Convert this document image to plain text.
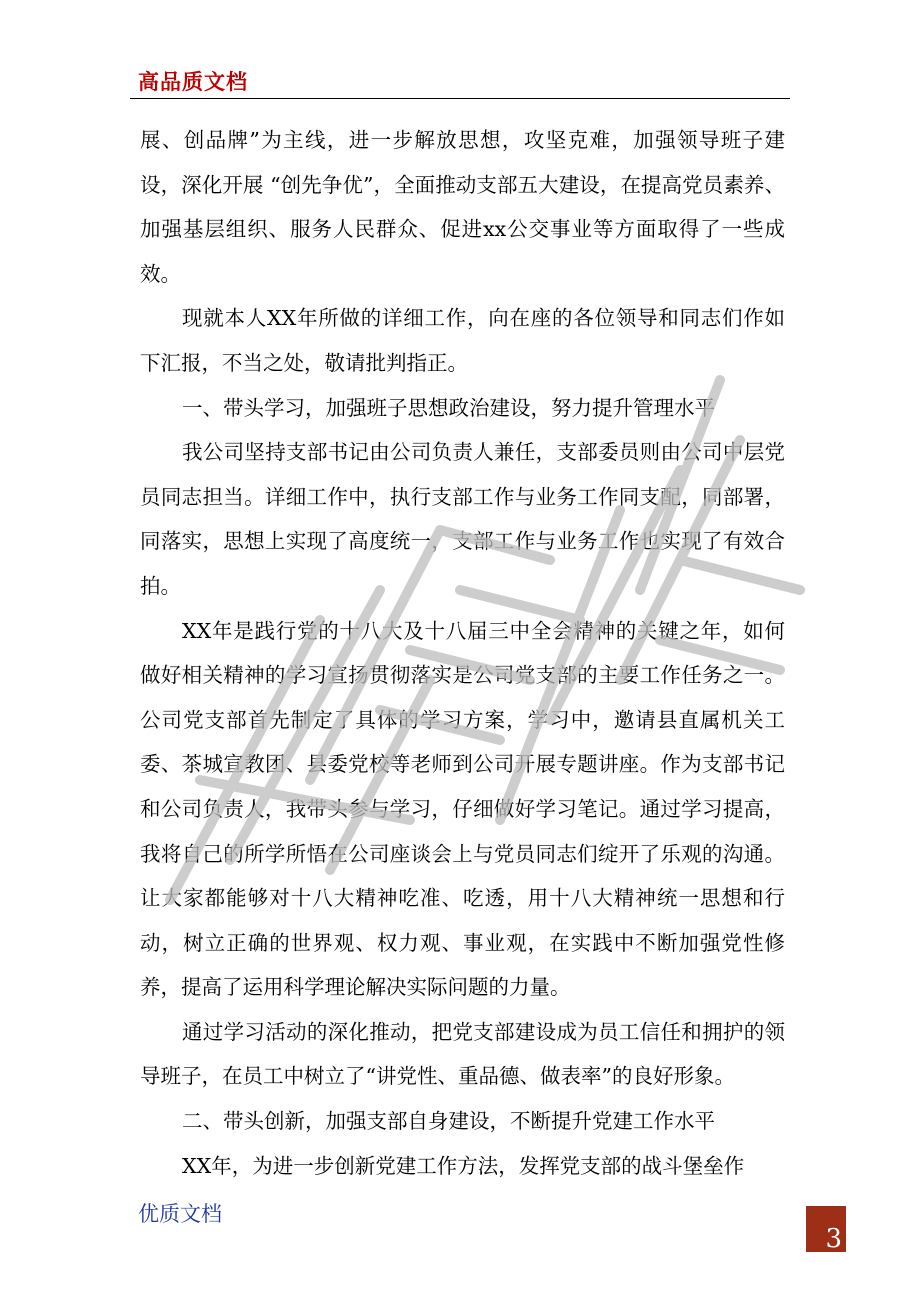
高品质文档

展、创品牌”为主线，进一步解放思想，攻坚克难，加强领导班子建设，深化开展 “创先争优”，全面推动支部五大建设，在提高党员素养、加强基层组织、服务人民群众、促进xx公交事业等方面取得了一些成效。

现就本人XX年所做的详细工作，向在座的各位领导和同志们作如下汇报，不当之处，敬请批判指正。

一、带头学习，加强班子思想政治建设，努力提升管理水平

我公司坚持支部书记由公司负责人兼任，支部委员则由公司中层党员同志担当。详细工作中，执行支部工作与业务工作同支配，同部署，同落实，思想上实现了高度统一，支部工作与业务工作也实现了有效合拍。

XX年是践行党的十八大及十八届三中全会精神的关键之年，如何做好相关精神的学习宣扬贯彻落实是公司党支部的主要工作任务之一。公司党支部首先制定了具体的学习方案，学习中，邀请县直属机关工委、茶城宣教团、县委党校等老师到公司开展专题讲座。作为支部书记和公司负责人，我带头参与学习，仔细做好学习笔记。通过学习提高，我将自己的所学所悟在公司座谈会上与党员同志们绽开了乐观的沟通。让大家都能够对十八大精神吃准、吃透，用十八大精神统一思想和行动，树立正确的世界观、权力观、事业观，在实践中不断加强党性修养，提高了运用科学理论解决实际问题的力量。

通过学习活动的深化推动，把党支部建设成为员工信任和拥护的领导班子，在员工中树立了“讲党性、重品德、做表率”的良好形象。

二、带头创新，加强支部自身建设，不断提升党建工作水平

XX年，为进一步创新党建工作方法，发挥党支部的战斗堡垒作

优质文档
3
